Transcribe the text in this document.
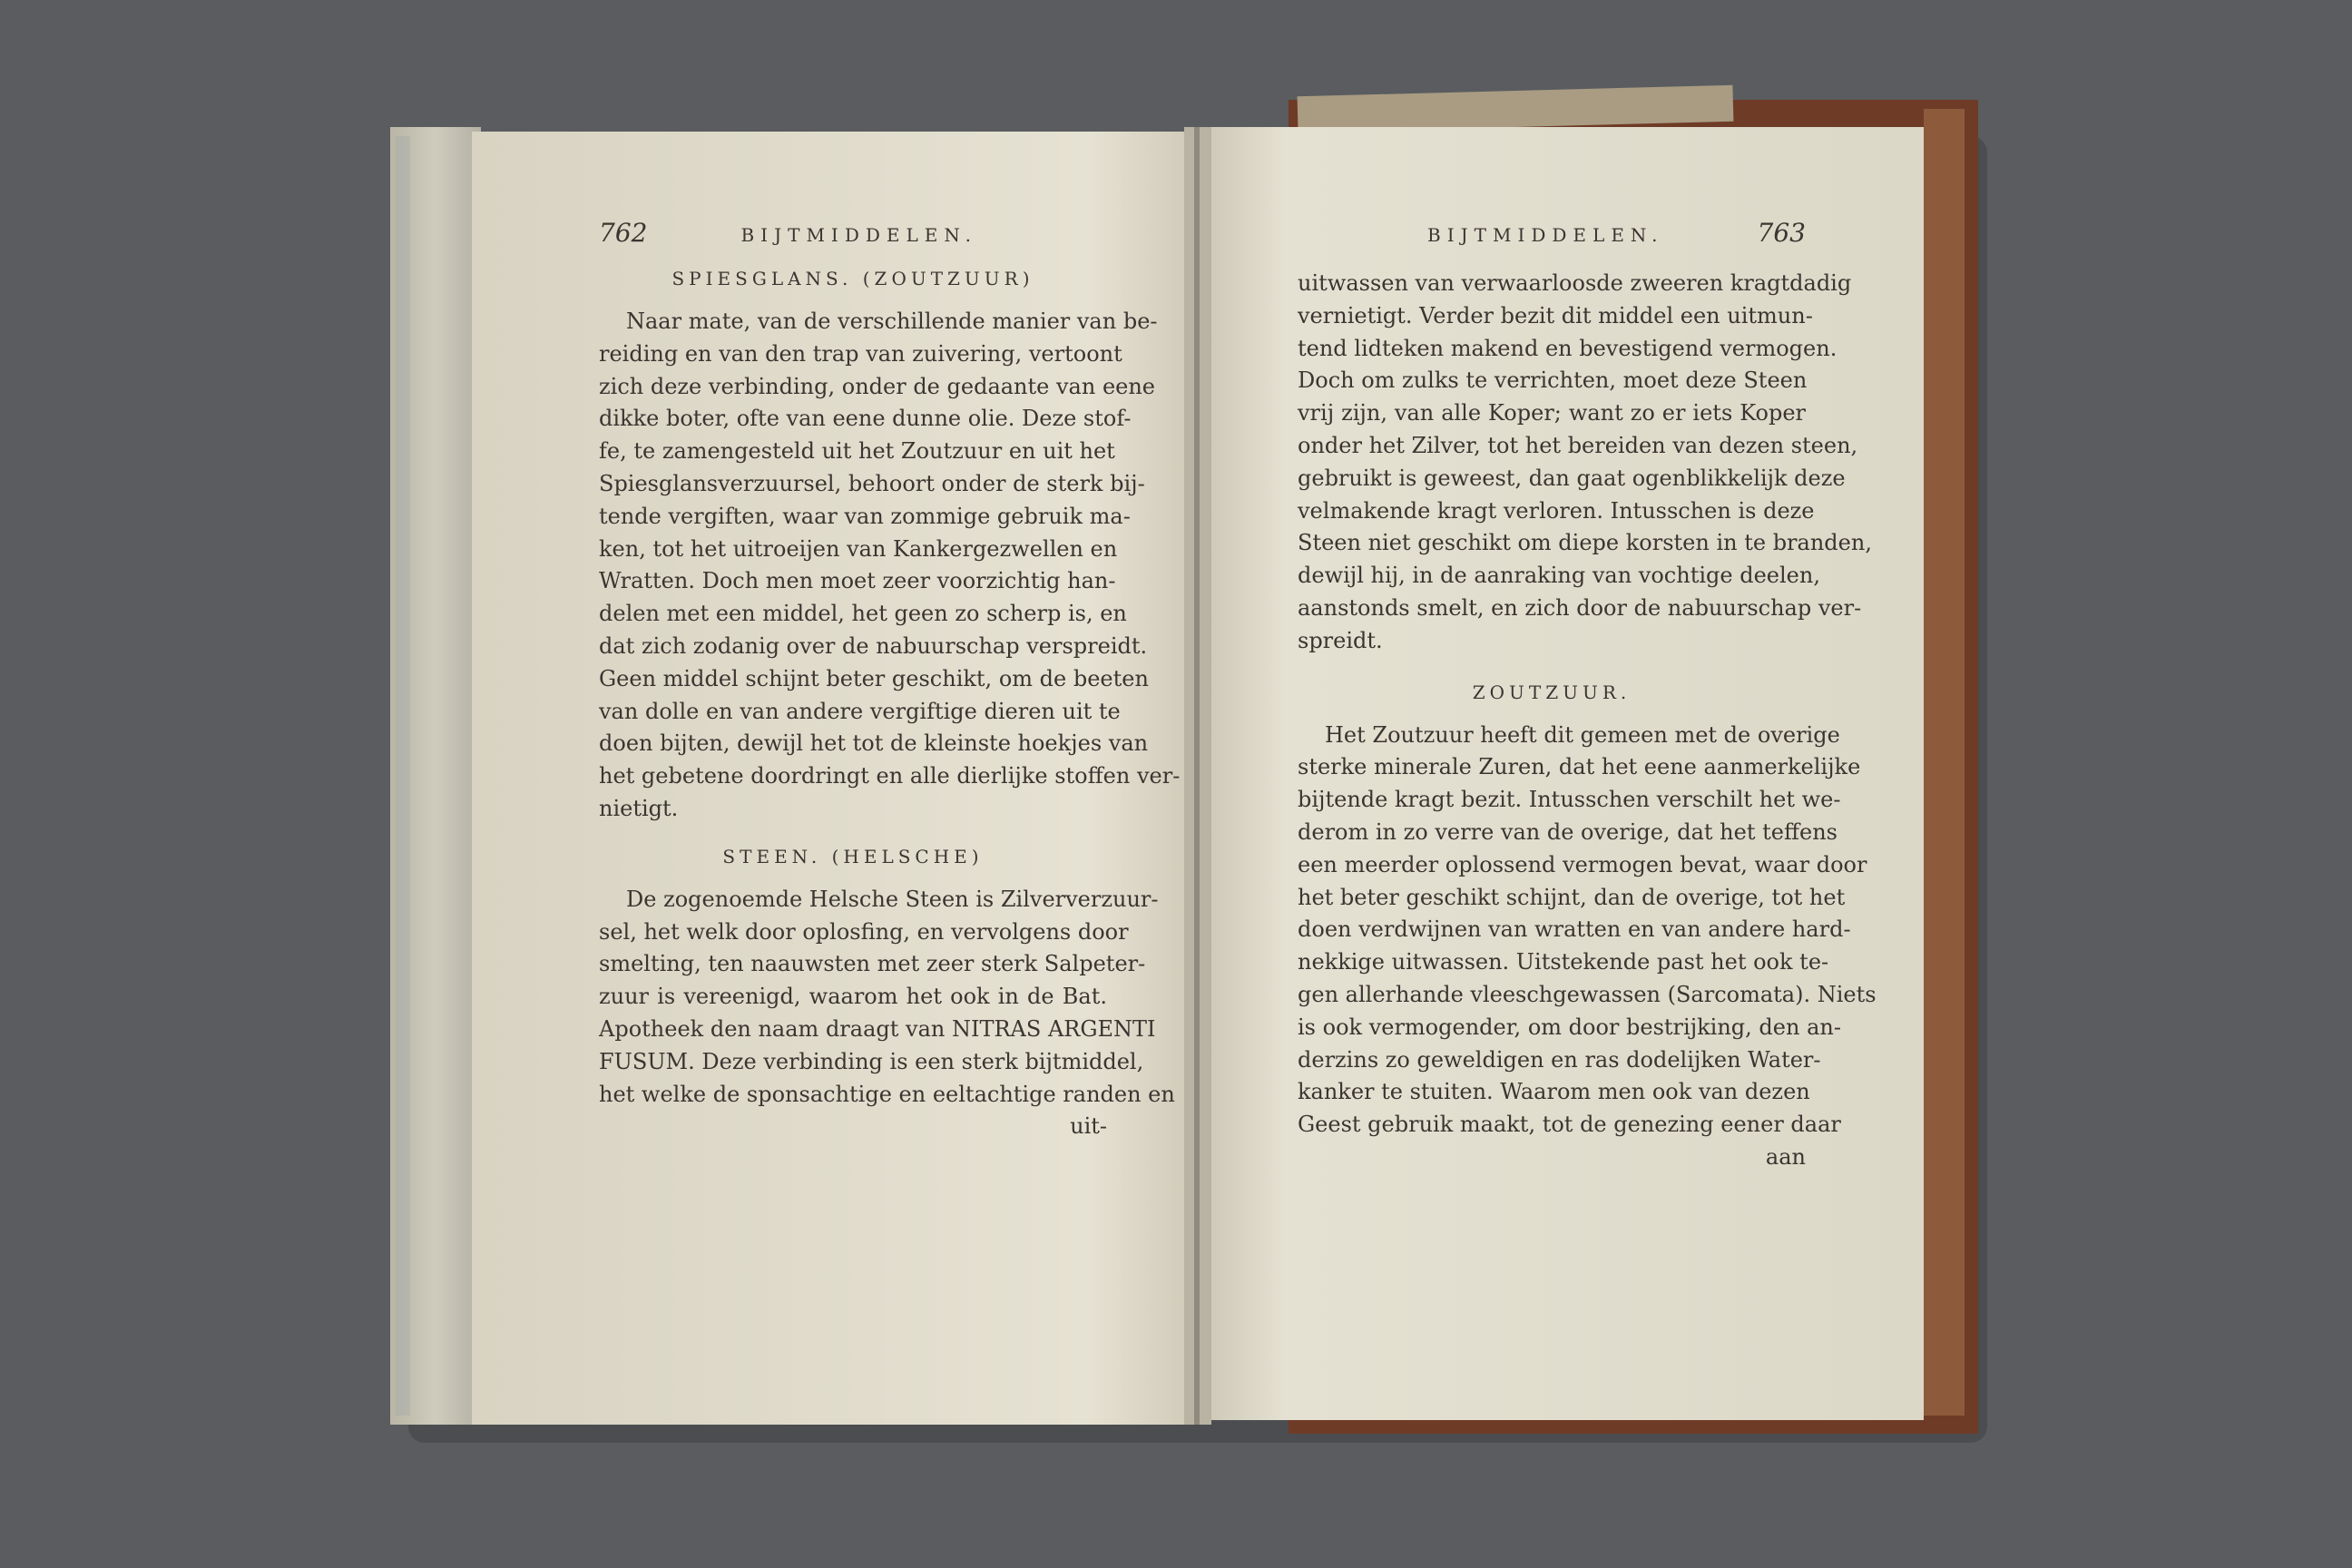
762	BIJTMIDDELEN.
SPIESGLANS. (ZOUTZUUR)
Naar mate, van de verschillende manier van be-
reiding en van den trap van zuivering, vertoont
zich deze verbinding, onder de gedaante van eene
dikke boter, ofte van eene dunne olie. Deze stof-
fe, te zamengesteld uit het Zoutzuur en uit het
Spiesglansverzuursel, behoort onder de sterk bij-
tende vergiften, waar van zommige gebruik ma-
ken, tot het uitroeijen van Kankergezwellen en
Wratten. Doch men moet zeer voorzichtig han-
delen met een middel, het geen zo scherp is, en
dat zich zodanig over de nabuurschap verspreidt.
Geen middel schijnt beter geschikt, om de beeten
van dolle en van andere vergiftige dieren uit te
doen bijten, dewijl het tot de kleinste hoekjes van
het gebetene doordringt en alle dierlijke stoffen ver-
nietigt.
STEEN. (HELSCHE)
De zogenoemde Helsche Steen is Zilververzuur-
sel, het welk door oplosfing, en vervolgens door
smelting, ten naauwsten met zeer sterk Salpeter-
zuur is vereenigd, waarom het ook in de Bat.
Apotheek den naam draagt van NITRAS ARGENTI
FUSUM. Deze verbinding is een sterk bijtmiddel,
het welke de sponsachtige en eeltachtige randen en
uit-
BIJTMIDDELEN.	763
uitwassen van verwaarloosde zweeren kragtdadig
vernietigt. Verder bezit dit middel een uitmun-
tend lidteken makend en bevestigend vermogen.
Doch om zulks te verrichten, moet deze Steen
vrij zijn, van alle Koper; want zo er iets Koper
onder het Zilver, tot het bereiden van dezen steen,
gebruikt is geweest, dan gaat ogenblikkelijk deze
velmakende kragt verloren. Intusschen is deze
Steen niet geschikt om diepe korsten in te branden,
dewijl hij, in de aanraking van vochtige deelen,
aanstonds smelt, en zich door de nabuurschap ver-
spreidt.
ZOUTZUUR.
Het Zoutzuur heeft dit gemeen met de overige
sterke minerale Zuren, dat het eene aanmerkelijke
bijtende kragt bezit. Intusschen verschilt het we-
derom in zo verre van de overige, dat het teffens
een meerder oplossend vermogen bevat, waar door
het beter geschikt schijnt, dan de overige, tot het
doen verdwijnen van wratten en van andere hard-
nekkige uitwassen. Uitstekende past het ook te-
gen allerhande vleeschgewassen (Sarcomata). Niets
is ook vermogender, om door bestrijking, den an-
derzins zo geweldigen en ras dodelijken Water-
kanker te stuiten. Waarom men ook van dezen
Geest gebruik maakt, tot de genezing eener daar
aan
